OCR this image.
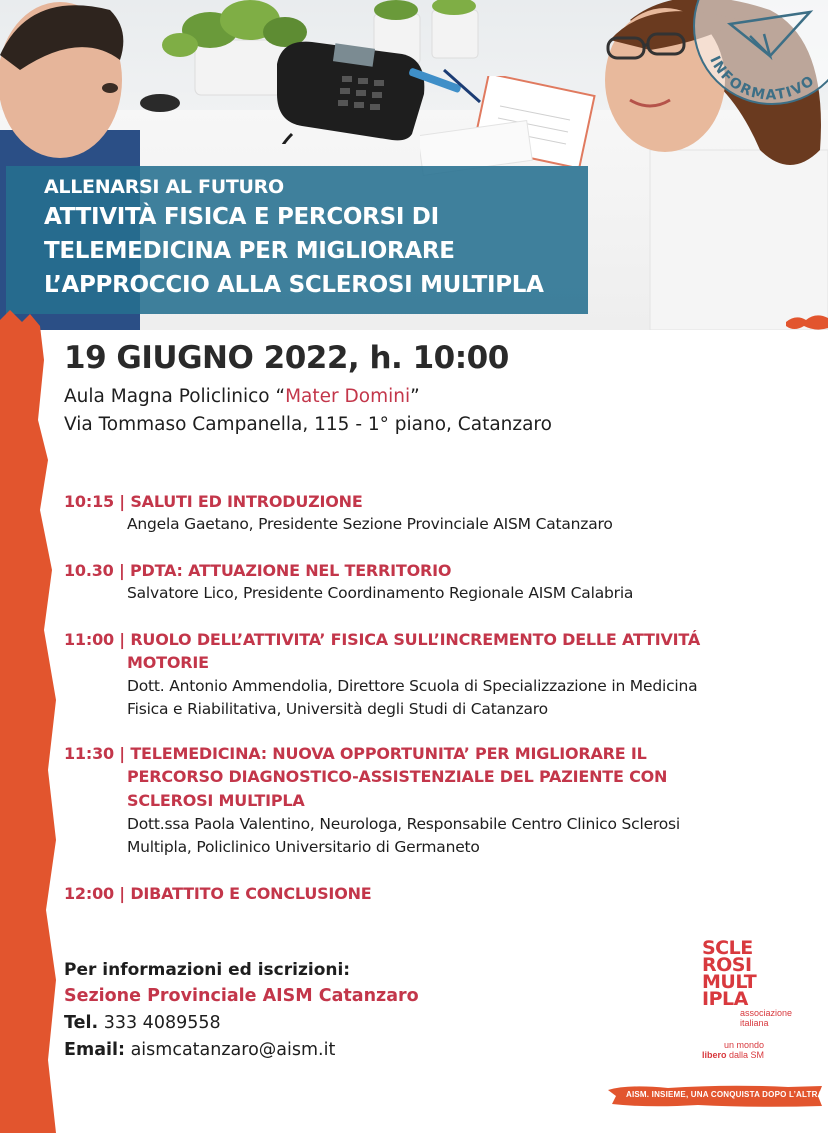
INFORMATIVO
ALLENARSI AL FUTURO
ATTIVITÀ FISICA E PERCORSI DI
TELEMEDICINA PER MIGLIORARE
L’APPROCCIO ALLA SCLEROSI MULTIPLA
19 GIUGNO 2022, h. 10:00
Aula Magna Policlinico “Mater Domini”
Via Tommaso Campanella, 115 - 1° piano, Catanzaro
10:15 | SALUTI ED INTRODUZIONE
Angela Gaetano, Presidente Sezione Provinciale AISM Catanzaro
10.30 | PDTA: ATTUAZIONE NEL TERRITORIO
Salvatore Lico, Presidente Coordinamento Regionale AISM Calabria
11:00 | RUOLO DELL’ATTIVITA’ FISICA SULL’INCREMENTO DELLE ATTIVITÁ
MOTORIE
Dott. Antonio Ammendolia, Direttore Scuola di Specializzazione in Medicina
Fisica e Riabilitativa, Università degli Studi di Catanzaro
11:30 | TELEMEDICINA: NUOVA OPPORTUNITA’ PER MIGLIORARE IL
PERCORSO DIAGNOSTICO-ASSISTENZIALE DEL PAZIENTE CON
SCLEROSI MULTIPLA
Dott.ssa Paola Valentino, Neurologa, Responsabile Centro Clinico Sclerosi
Multipla, Policlinico Universitario di Germaneto
12:00 | DIBATTITO E CONCLUSIONE
Per informazioni ed iscrizioni:
Sezione Provinciale AISM Catanzaro
Tel. 333 4089558
Email: aismcatanzaro@aism.it
SCLE
ROSI
MULT
IPLA
associazione
italiana
un mondo
libero dalla SM
AISM. INSIEME, UNA CONQUISTA DOPO L’ALTRA
